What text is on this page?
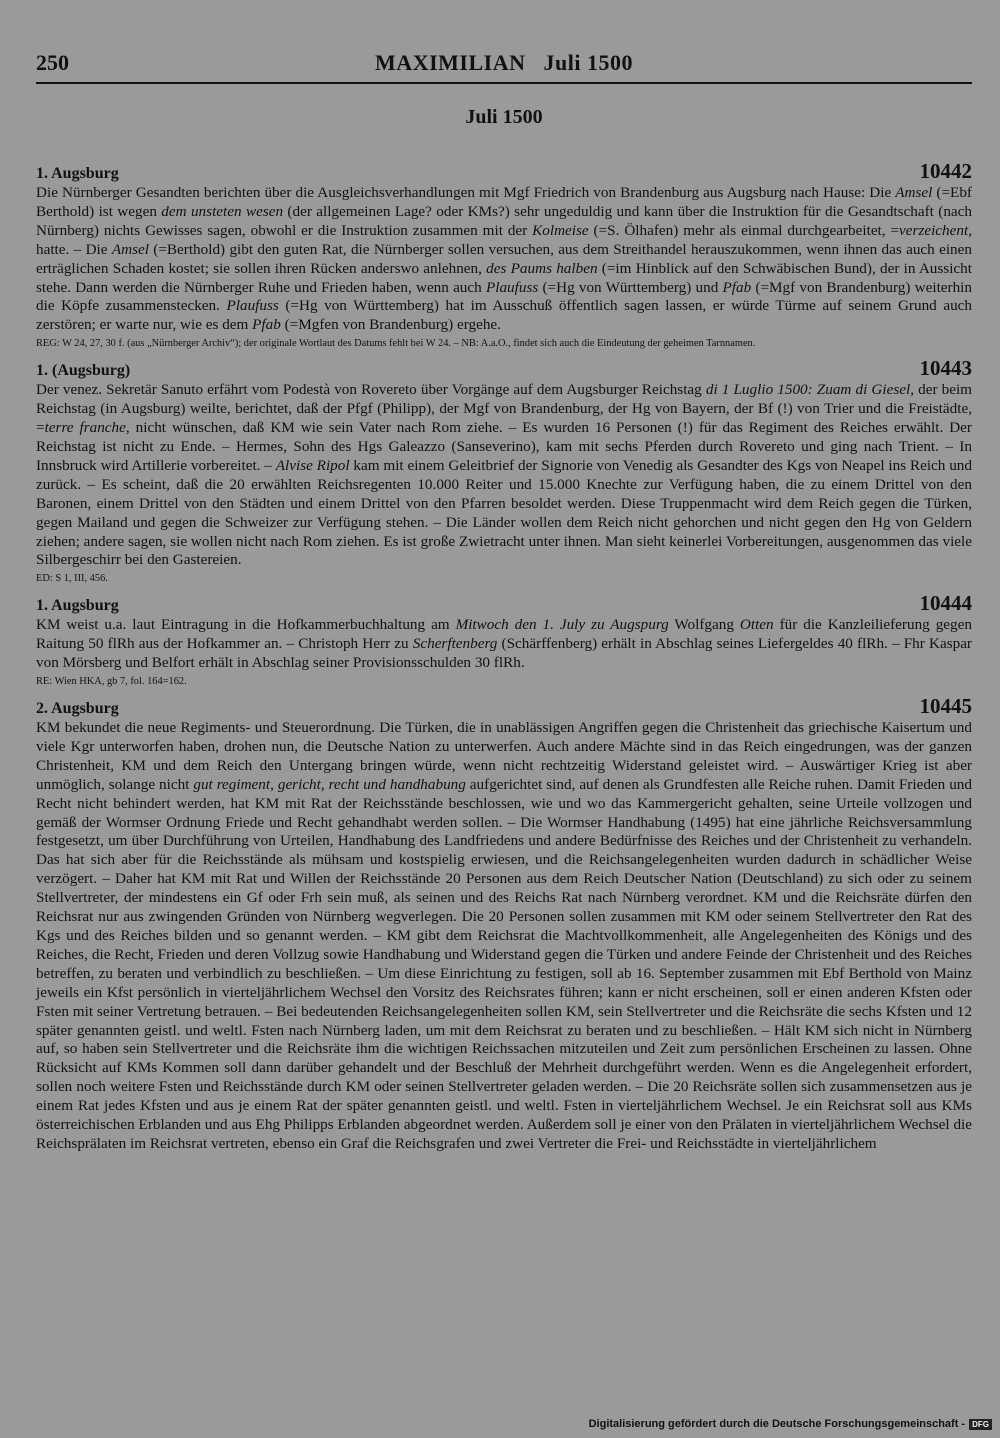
250	MAXIMILIAN   Juli 1500
Juli 1500
1. Augsburg	10442

Die Nürnberger Gesandten berichten über die Ausgleichsverhandlungen mit Mgf Friedrich von Brandenburg aus Augsburg nach Hause: Die Amsel (=Ebf Berthold) ist wegen dem unsteten wesen (der allgemeinen Lage? oder KMs?) sehr ungeduldig und kann über die Instruktion für die Gesandtschaft (nach Nürnberg) nichts Gewisses sagen, obwohl er die Instruktion zusammen mit der Kolmeise (=S. Ölhafen) mehr als einmal durchgearbeitet, =verzeichent, hatte. – Die Amsel (=Berthold) gibt den guten Rat, die Nürnberger sollen versuchen, aus dem Streithandel herauszukommen, wenn ihnen das auch einen erträglichen Schaden kostet; sie sollen ihren Rücken anderswo anlehnen, des Paums halben (=im Hinblick auf den Schwäbischen Bund), der in Aussicht stehe. Dann werden die Nürnberger Ruhe und Frieden haben, wenn auch Plaufuss (=Hg von Württemberg) und Pfab (=Mgf von Brandenburg) weiterhin die Köpfe zusammenstecken. Plaufuss (=Hg von Württemberg) hat im Ausschuß öffentlich sagen lassen, er würde Türme auf seinem Grund auch zerstören; er warte nur, wie es dem Pfab (=Mgfen von Brandenburg) ergehe.

REG: W 24, 27, 30 f. (aus „Nürnberger Archiv“); der originale Wortlaut des Datums fehlt bei W 24. – NB: A.a.O., findet sich auch die Eindeutung der geheimen Tarnnamen.
1. (Augsburg)	10443

Der venez. Sekretär Sanuto erfährt vom Podestà von Rovereto über Vorgänge auf dem Augsburger Reichstag di 1 Luglio 1500: Zuam di Giesel, der beim Reichstag (in Augsburg) weilte, berichtet, daß der Pfgf (Philipp), der Mgf von Brandenburg, der Hg von Bayern, der Bf (!) von Trier und die Freistädte, =terre franche, nicht wünschen, daß KM wie sein Vater nach Rom ziehe. – Es wurden 16 Personen (!) für das Regiment des Reiches erwählt. Der Reichstag ist nicht zu Ende. – Hermes, Sohn des Hgs Galeazzo (Sanseverino), kam mit sechs Pferden durch Rovereto und ging nach Trient. – In Innsbruck wird Artillerie vorbereitet. – Alvise Ripol kam mit einem Geleitbrief der Signorie von Venedig als Gesandter des Kgs von Neapel ins Reich und zurück. – Es scheint, daß die 20 erwählten Reichsregenten 10.000 Reiter und 15.000 Knechte zur Verfügung haben, die zu einem Drittel von den Baronen, einem Drittel von den Städten und einem Drittel von den Pfarren besoldet werden. Diese Truppenmacht wird dem Reich gegen die Türken, gegen Mailand und gegen die Schweizer zur Verfügung stehen. – Die Länder wollen dem Reich nicht gehorchen und nicht gegen den Hg von Geldern ziehen; andere sagen, sie wollen nicht nach Rom ziehen. Es ist große Zwietracht unter ihnen. Man sieht keinerlei Vorbereitungen, ausgenommen das viele Silbergeschirr bei den Gastereien.

ED: S 1, III, 456.
1. Augsburg	10444

KM weist u.a. laut Eintragung in die Hofkammerbuchhaltung am Mitwoch den 1. July zu Augspurg Wolfgang Otten für die Kanzleilieferung gegen Raitung 50 flRh aus der Hofkammer an. – Christoph Herr zu Scherftenberg (Schärffenberg) erhält in Abschlag seines Liefergeldes 40 flRh. – Fhr Kaspar von Mörsberg und Belfort erhält in Abschlag seiner Provisionsschulden 30 flRh.

RE: Wien HKA, gb 7, fol. 164=162.
2. Augsburg	10445

KM bekundet die neue Regiments- und Steuerordnung. Die Türken, die in unablässigen Angriffen gegen die Christenheit das griechische Kaisertum und viele Kgr unterworfen haben, drohen nun, die Deutsche Nation zu unterwerfen. Auch andere Mächte sind in das Reich eingedrungen, was der ganzen Christenheit, KM und dem Reich den Untergang bringen würde, wenn nicht rechtzeitig Widerstand geleistet wird. – Auswärtiger Krieg ist aber unmöglich, solange nicht gut regiment, gericht, recht und handhabung aufgerichtet sind, auf denen als Grundfesten alle Reiche ruhen. Damit Frieden und Recht nicht behindert werden, hat KM mit Rat der Reichsstände beschlossen, wie und wo das Kammergericht gehalten, seine Urteile vollzogen und gemäß der Wormser Ordnung Friede und Recht gehandhabt werden sollen. – Die Wormser Handhabung (1495) hat eine jährliche Reichsversammlung festgesetzt, um über Durchführung von Urteilen, Handhabung des Landfriedens und andere Bedürfnisse des Reiches und der Christenheit zu verhandeln. Das hat sich aber für die Reichsstände als mühsam und kostspielig erwiesen, und die Reichsangelegenheiten wurden dadurch in schädlicher Weise verzögert. – Daher hat KM mit Rat und Willen der Reichsstände 20 Personen aus dem Reich Deutscher Nation (Deutschland) zu sich oder zu seinem Stellvertreter, der mindestens ein Gf oder Frh sein muß, als seinen und des Reichs Rat nach Nürnberg verordnet. KM und die Reichsräte dürfen den Reichsrat nur aus zwingenden Gründen von Nürnberg wegverlegen. Die 20 Personen sollen zusammen mit KM oder seinem Stellvertreter den Rat des Kgs und des Reiches bilden und so genannt werden. – KM gibt dem Reichsrat die Machtvollkommenheit, alle Angelegenheiten des Königs und des Reiches, die Recht, Frieden und deren Vollzug sowie Handhabung und Widerstand gegen die Türken und andere Feinde der Christenheit und des Reiches betreffen, zu beraten und verbindlich zu beschließen. – Um diese Einrichtung zu festigen, soll ab 16. September zusammen mit Ebf Berthold von Mainz jeweils ein Kfst persönlich in vierteljährlichem Wechsel den Vorsitz des Reichsrates führen; kann er nicht erscheinen, soll er einen anderen Kfsten oder Fsten mit seiner Vertretung betrauen. – Bei bedeutenden Reichsangelegenheiten sollen KM, sein Stellvertreter und die Reichsräte die sechs Kfsten und 12 später genannten geistl. und weltl. Fsten nach Nürnberg laden, um mit dem Reichsrat zu beraten und zu beschließen. – Hält KM sich nicht in Nürnberg auf, so haben sein Stellvertreter und die Reichsräte ihm die wichtigen Reichssachen mitzuteilen und Zeit zum persönlichen Erscheinen zu lassen. Ohne Rücksicht auf KMs Kommen soll dann darüber gehandelt und der Beschluß der Mehrheit durchgeführt werden. Wenn es die Angelegenheit erfordert, sollen noch weitere Fsten und Reichsstände durch KM oder seinen Stellvertreter geladen werden. – Die 20 Reichsräte sollen sich zusammensetzen aus je einem Rat jedes Kfsten und aus je einem Rat der später genannten geistl. und weltl. Fsten in vierteljährlichem Wechsel. Je ein Reichsrat soll aus KMs österreichischen Erblanden und aus Ehg Philipps Erblanden abgeordnet werden. Außerdem soll je einer von den Prälaten in vierteljährlichem Wechsel die Reichsprälaten im Reichsrat vertreten, ebenso ein Graf die Reichsgrafen und zwei Vertreter die Frei- und Reichsstädte in vierteljährlichem

Digitalisierung gefördert durch die Deutsche Forschungsgemeinschaft - DFG
